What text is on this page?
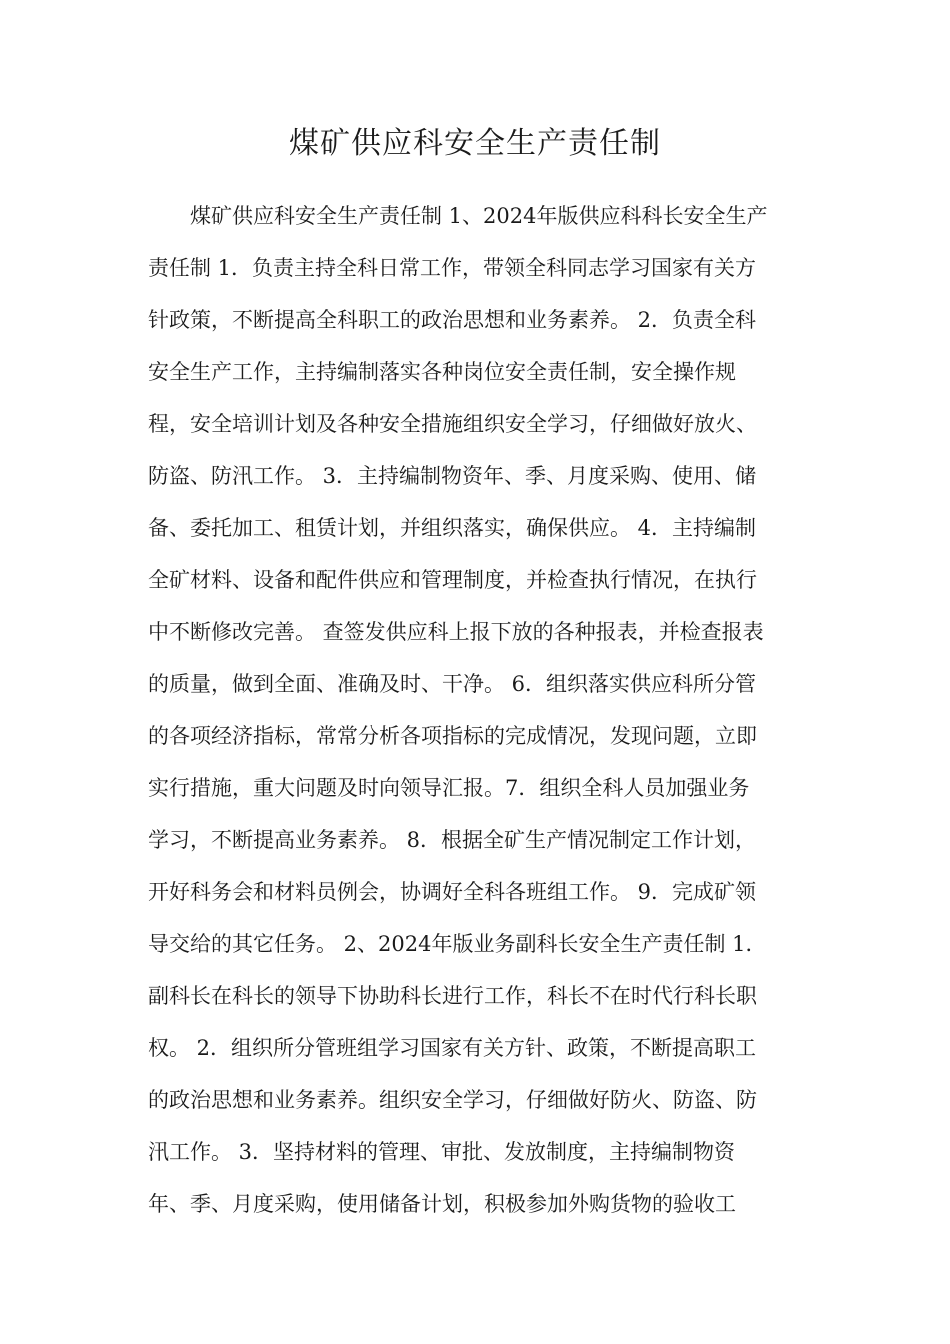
煤矿供应科安全生产责任制
煤矿供应科安全生产责任制 1、2024年版供应科科长安全生产
责任制 1．负责主持全科日常工作，带领全科同志学习国家有关方
针政策，不断提高全科职工的政治思想和业务素养。 2．负责全科
安全生产工作，主持编制落实各种岗位安全责任制，安全操作规
程，安全培训计划及各种安全措施组织安全学习，仔细做好放火、
防盗、防汛工作。 3．主持编制物资年、季、月度采购、使用、储
备、委托加工、租赁计划，并组织落实，确保供应。 4．主持编制
全矿材料、设备和配件供应和管理制度，并检查执行情况，在执行
中不断修改完善。 查签发供应科上报下放的各种报表，并检查报表
的质量，做到全面、准确及时、干净。 6．组织落实供应科所分管
的各项经济指标，常常分析各项指标的完成情况，发现问题，立即
实行措施，重大问题及时向领导汇报。7．组织全科人员加强业务
学习，不断提高业务素养。 8．根据全矿生产情况制定工作计划，
开好科务会和材料员例会，协调好全科各班组工作。 9．完成矿领
导交给的其它任务。 2、2024年版业务副科长安全生产责任制 1．
副科长在科长的领导下协助科长进行工作，科长不在时代行科长职
权。 2．组织所分管班组学习国家有关方针、政策，不断提高职工
的政治思想和业务素养。组织安全学习，仔细做好防火、防盗、防
汛工作。 3．坚持材料的管理、审批、发放制度，主持编制物资
年、季、月度采购，使用储备计划，积极参加外购货物的验收工
